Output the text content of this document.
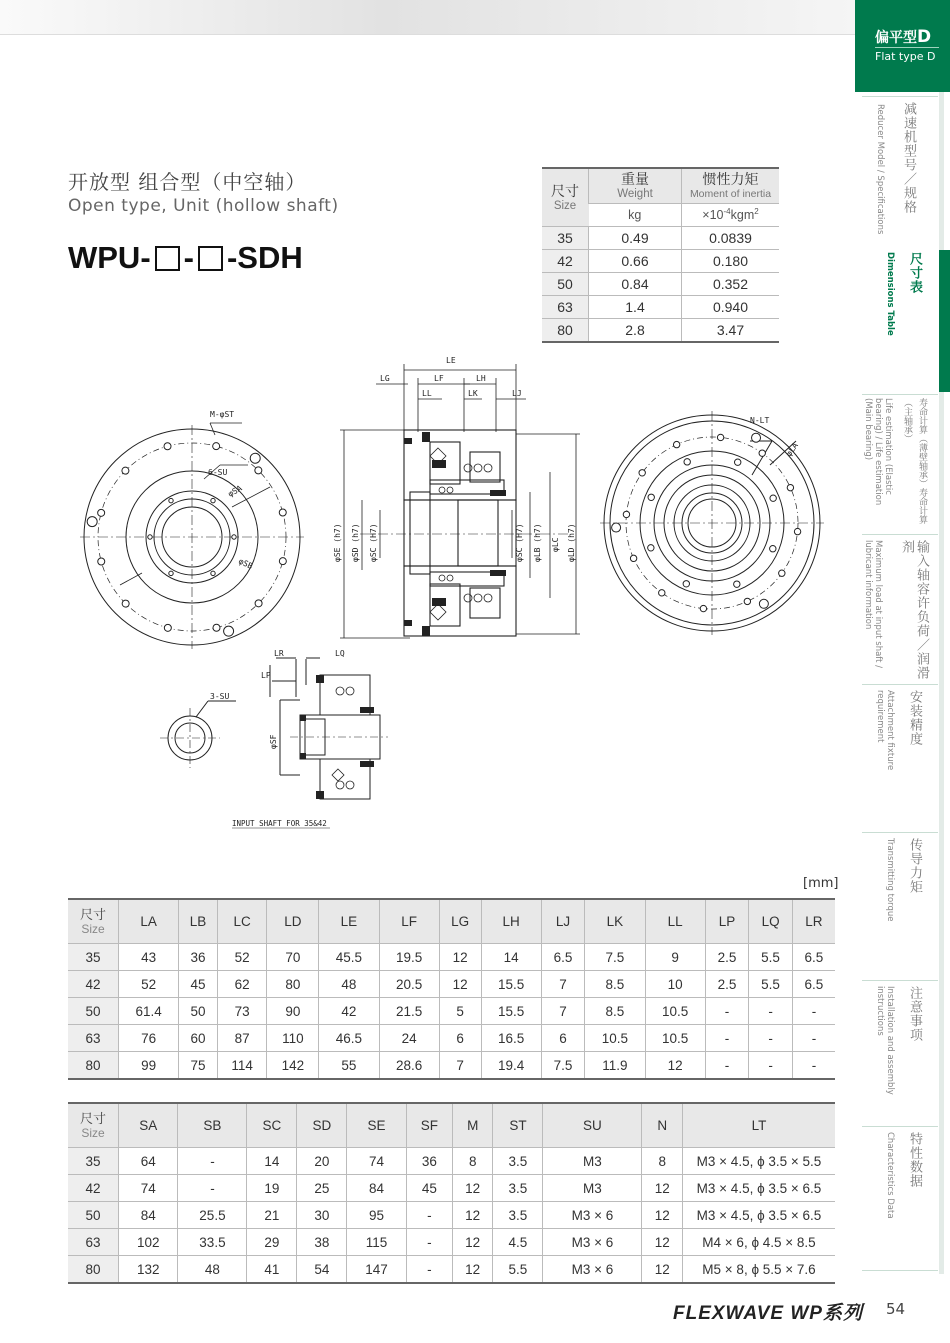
偏平型D
Flat type D
减速机型号／规格
Reducer Model / Specifications
尺寸表
Dimensions Table
寿命计算（薄壁轴承）寿命计算（主轴承）
Life estimation (Elastic bearing) / Life estimation (Main bearing)
输入轴容许负荷／润滑剂
Maximum load at input shaft / lubricant information
安装精度
Attachment fixture requirement
传导力矩
Transmitting torque
注意事项
Installation and assembly instructions
特性数据
Characteristics Data
开放型 组合型（中空轴）
Open type, Unit (hollow shaft)
WPU- - -SDH
尺寸
Size	重量
Weight	惯性力矩
Moment of inertia

	kg	$\times 10^{-4}kgm^2$
35	0.49	0.0839
42	0.66	0.180
50	0.84	0.352
63	1.4	0.940
80	2.8	3.47
M-φST
6-SU
φSA
φSB
LE
LG	LF	LH
LL	LK	LJ
φSE (h7) φSD (h7) φSC (H7)	φSC (H7) φLB (h7) φLC φLD (h7)
N-LT
φLA
LR	LQ
LP
3-SU
φSF
INPUT SHAFT FOR 35&42
[mm]
尺寸
Size	LA	LB	LC	LD	LE	LF	LG	LH	LJ	LK	LL	LP	LQ	LR
35	43	36	52	70	45.5	19.5	12	14	6.5	7.5	9	2.5	5.5	6.5
42	52	45	62	80	48	20.5	12	15.5	7	8.5	10	2.5	5.5	6.5
50	61.4	50	73	90	42	21.5	5	15.5	7	8.5	10.5	-	-	-
63	76	60	87	110	46.5	24	6	16.5	6	10.5	10.5	-	-	-
80	99	75	114	142	55	28.6	7	19.4	7.5	11.9	12	-	-	-
尺寸
Size	SA	SB	SC	SD	SE	SF	M	ST	SU	N	LT
35	64	-	14	20	74	36	8	3.5	M3	8	M3 × 4.5, ϕ 3.5 × 5.5
42	74	-	19	25	84	45	12	3.5	M3	12	M3 × 4.5, ϕ 3.5 × 6.5
50	84	25.5	21	30	95	-	12	3.5	M3 × 6	12	M3 × 4.5, ϕ 3.5 × 6.5
63	102	33.5	29	38	115	-	12	4.5	M3 × 6	12	M4 × 6, ϕ 4.5 × 8.5
80	132	48	41	54	147	-	12	5.5	M3 × 6	12	M5 × 8, ϕ 5.5 × 7.6
FLEXWAVE WP系列 54
